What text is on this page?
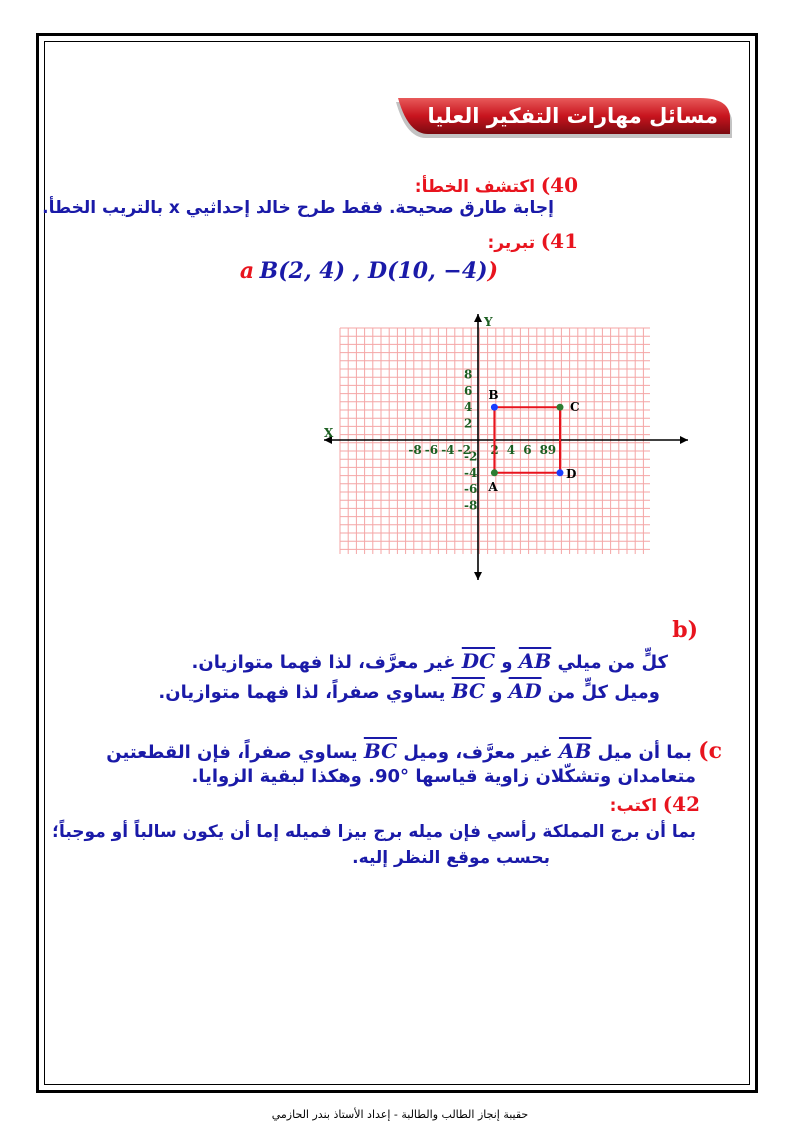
مسائل مهارات التفكير العليا
40) اكتشف الخطأ:
إجابة طارق صحيحة. فقط طرح خالد إحداثيي x بالتريب الخطأ.
41) تبرير:
(a B(2, 4) , D(10, −4)
X
Y
-8 -6 -4 -2 2 4 6 8 9
8
6
4
2
-2
-4
-6
-8
A
B
C
D
(b
كلٍّ من ميلي AB و DC غير معرَّف، لذا فهما متوازيان.
وميل كلٍّ من AD و BC يساوي صفراً، لذا فهما متوازيان.
c) بما أن ميل AB غير معرَّف، وميل BC يساوي صفراً، فإن القطعتين
متعامدان وتشكّلان زاوية قياسها °90. وهكذا لبقية الزوايا.
42) اكتب:
بما أن برج المملكة رأسي فإن ميله برج بيزا فميله إما أن يكون سالباً أو موجباً؛
بحسب موقع النظر إليه.
حقيبة إنجاز الطالب والطالبة - إعداد الأستاذ بندر الحازمي
